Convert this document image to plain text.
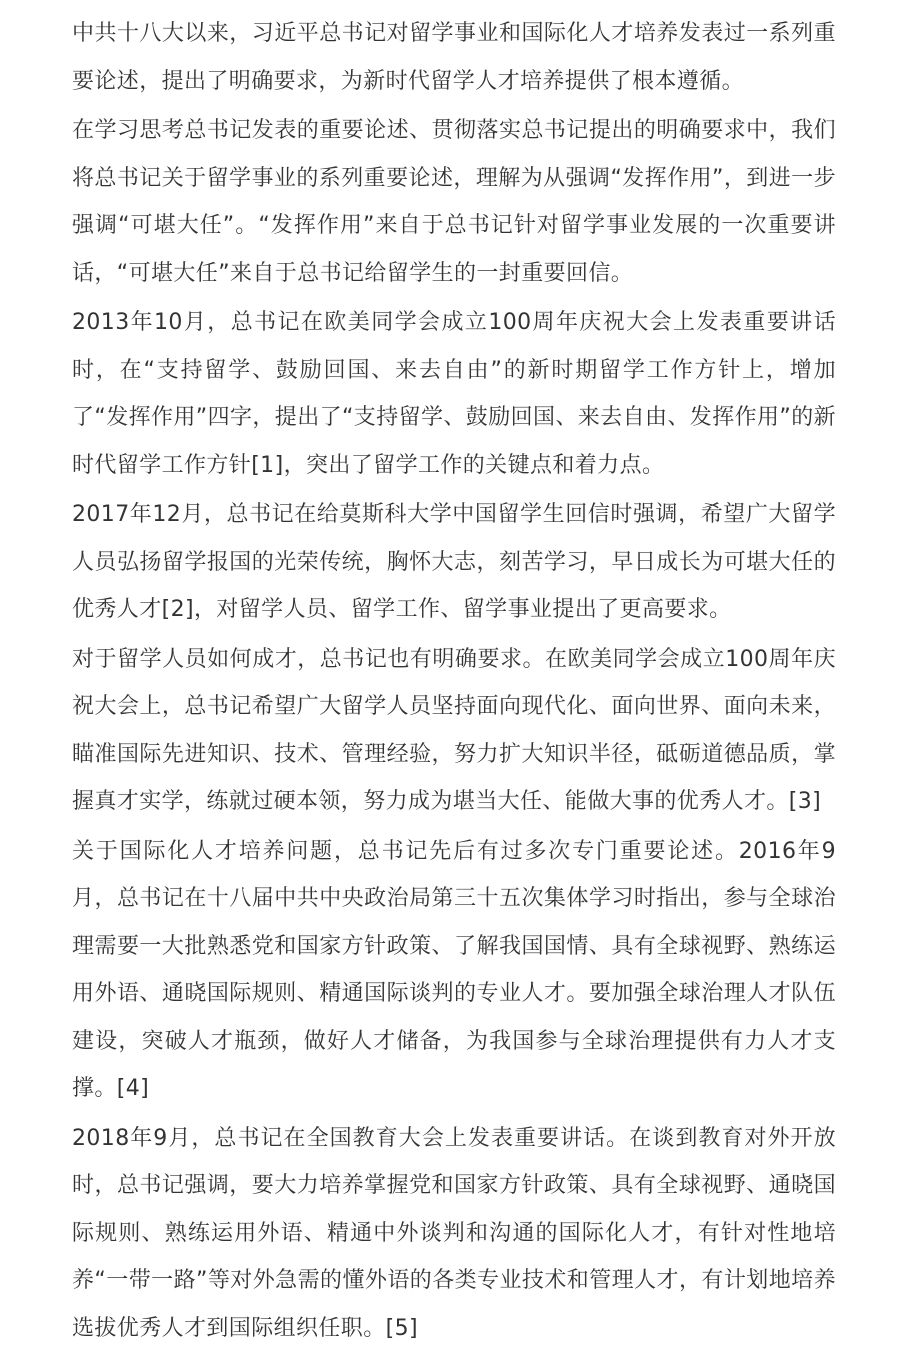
中共十八大以来，习近平总书记对留学事业和国际化人才培养发表过一系列重要论述，提出了明确要求，为新时代留学人才培养提供了根本遵循。

在学习思考总书记发表的重要论述、贯彻落实总书记提出的明确要求中，我们将总书记关于留学事业的系列重要论述，理解为从强调“发挥作用”，到进一步强调“可堪大任”。“发挥作用”来自于总书记针对留学事业发展的一次重要讲话，“可堪大任”来自于总书记给留学生的一封重要回信。

2013年10月，总书记在欧美同学会成立100周年庆祝大会上发表重要讲话时，在“支持留学、鼓励回国、来去自由”的新时期留学工作方针上，增加了“发挥作用”四字，提出了“支持留学、鼓励回国、来去自由、发挥作用”的新时代留学工作方针[1]，突出了留学工作的关键点和着力点。

2017年12月，总书记在给莫斯科大学中国留学生回信时强调，希望广大留学人员弘扬留学报国的光荣传统，胸怀大志，刻苦学习，早日成长为可堪大任的优秀人才[2]，对留学人员、留学工作、留学事业提出了更高要求。

对于留学人员如何成才，总书记也有明确要求。在欧美同学会成立100周年庆祝大会上，总书记希望广大留学人员坚持面向现代化、面向世界、面向未来，瞄准国际先进知识、技术、管理经验，努力扩大知识半径，砥砺道德品质，掌握真才实学，练就过硬本领，努力成为堪当大任、能做大事的优秀人才。[3]

关于国际化人才培养问题，总书记先后有过多次专门重要论述。2016年9月，总书记在十八届中共中央政治局第三十五次集体学习时指出，参与全球治理需要一大批熟悉党和国家方针政策、了解我国国情、具有全球视野、熟练运用外语、通晓国际规则、精通国际谈判的专业人才。要加强全球治理人才队伍建设，突破人才瓶颈，做好人才储备，为我国参与全球治理提供有力人才支撑。[4]

2018年9月，总书记在全国教育大会上发表重要讲话。在谈到教育对外开放时，总书记强调，要大力培养掌握党和国家方针政策、具有全球视野、通晓国际规则、熟练运用外语、精通中外谈判和沟通的国际化人才，有针对性地培养“一带一路”等对外急需的懂外语的各类专业技术和管理人才，有计划地培养选拔优秀人才到国际组织任职。[5]
